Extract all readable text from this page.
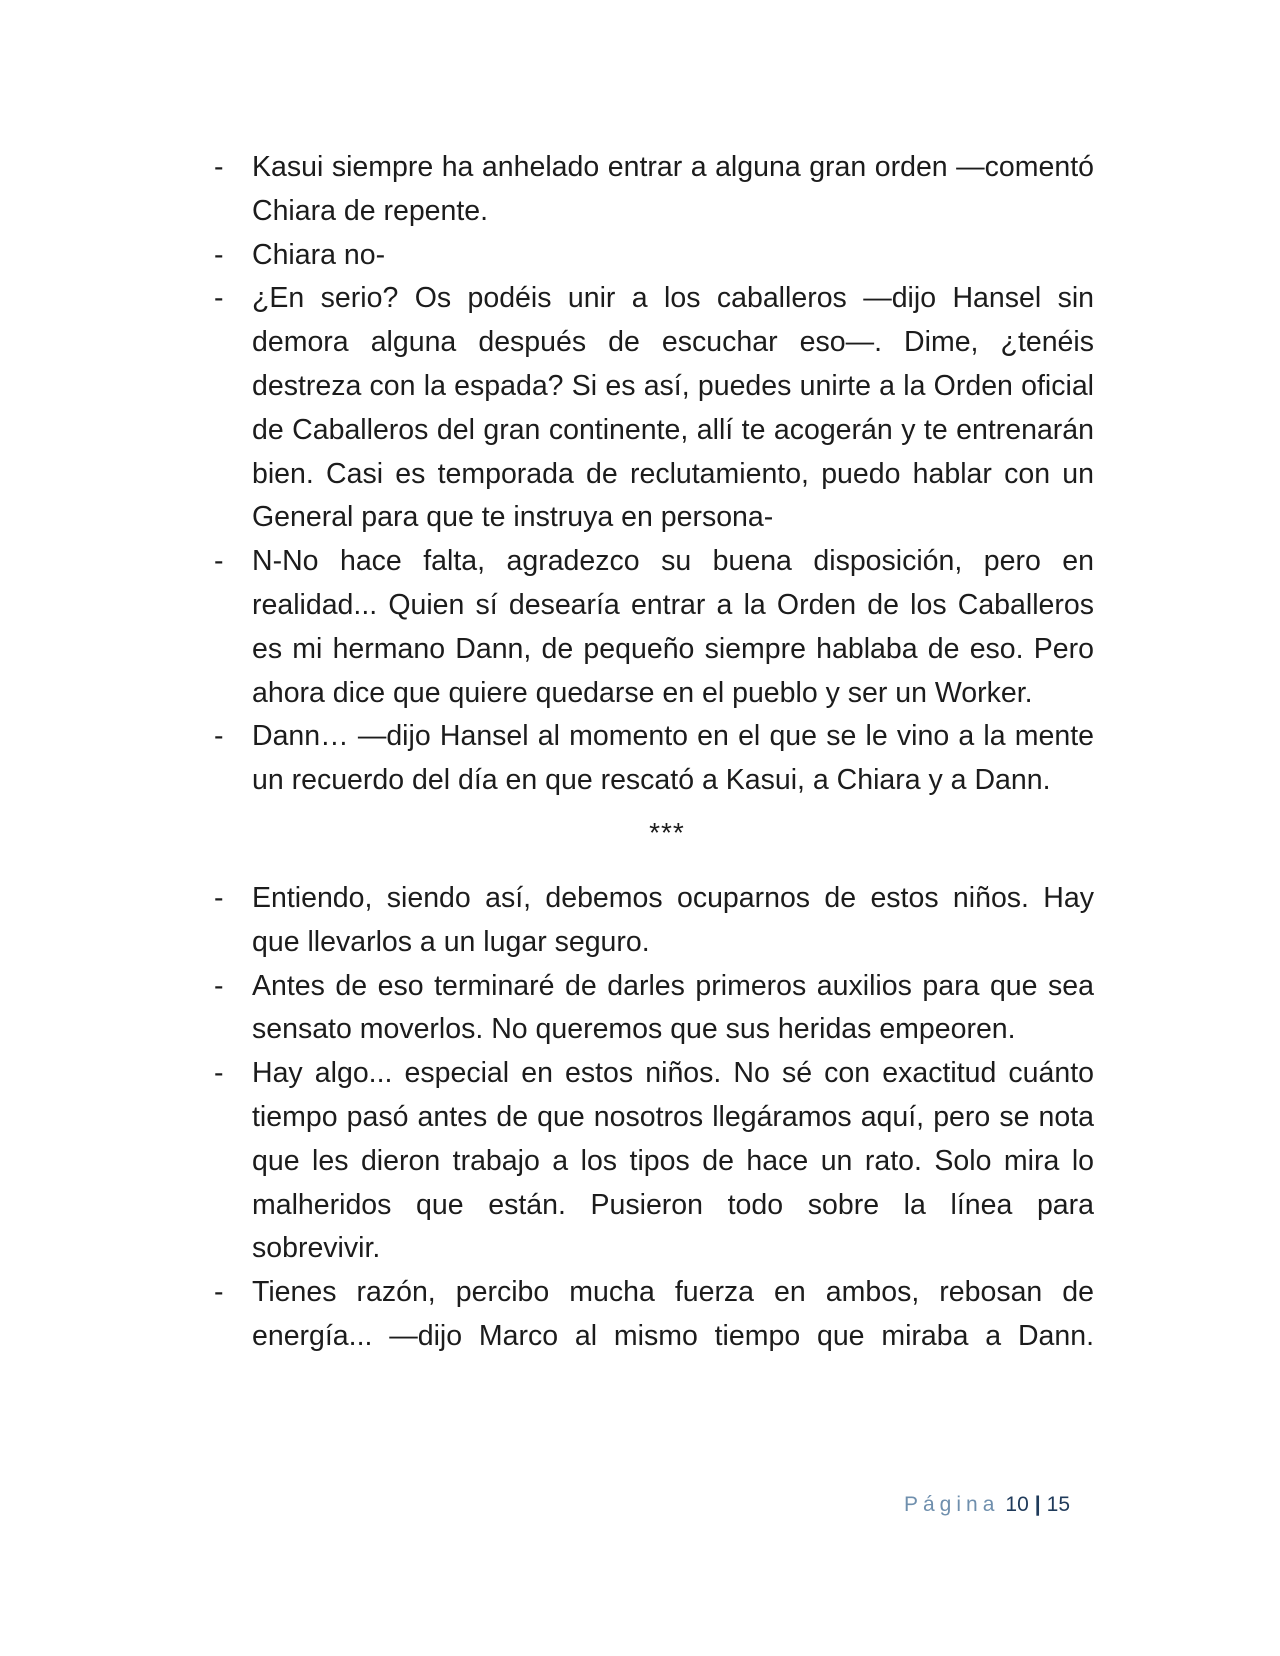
-	Kasui siempre ha anhelado entrar a alguna gran orden —comentó Chiara de repente.
-	Chiara no-
-	¿En serio? Os podéis unir a los caballeros —dijo Hansel sin demora alguna después de escuchar eso—. Dime, ¿tenéis destreza con la espada? Si es así, puedes unirte a la Orden oficial de Caballeros del gran continente, allí te acogerán y te entrenarán bien. Casi es temporada de reclutamiento, puedo hablar con un General para que te instruya en persona-
-	N-No hace falta, agradezco su buena disposición, pero en realidad... Quien sí desearía entrar a la Orden de los Caballeros es mi hermano Dann, de pequeño siempre hablaba de eso. Pero ahora dice que quiere quedarse en el pueblo y ser un Worker.
-	Dann… —dijo Hansel al momento en el que se le vino a la mente un recuerdo del día en que rescató a Kasui, a Chiara y a Dann.
***
-	Entiendo, siendo así, debemos ocuparnos de estos niños. Hay que llevarlos a un lugar seguro.
-	Antes de eso terminaré de darles primeros auxilios para que sea sensato moverlos. No queremos que sus heridas empeoren.
-	Hay algo... especial en estos niños. No sé con exactitud cuánto tiempo pasó antes de que nosotros llegáramos aquí, pero se nota que les dieron trabajo a los tipos de hace un rato. Solo mira lo malheridos que están. Pusieron todo sobre la línea para sobrevivir.
-	Tienes razón, percibo mucha fuerza en ambos, rebosan de energía... —dijo Marco al mismo tiempo que miraba a Dann.
Página 10 | 15
